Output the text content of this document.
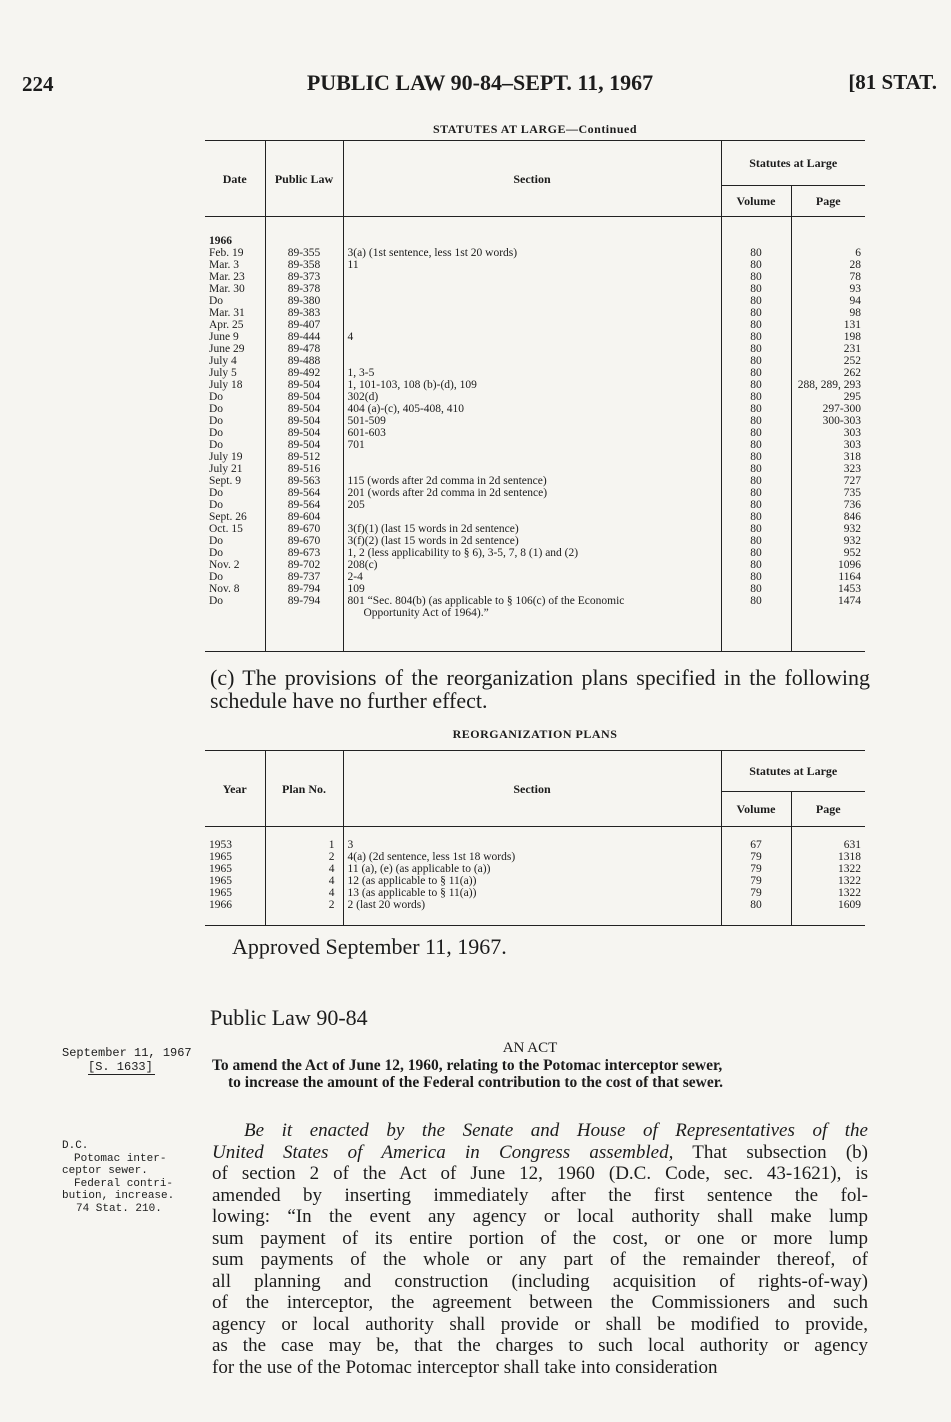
224	PUBLIC LAW 90-84–SEPT. 11, 1967	[81 STAT.
STATUTES AT LARGE—Continued
Date	Public Law	Section	Statutes at Large	
			Volume	Page
1966				
Feb. 19	89-355	3(a) (1st sentence, less 1st 20 words)	80	6
Mar. 3	89-358	11	80	28
Mar. 23	89-373		80	78
Mar. 30	89-378		80	93
Do	89-380		80	94
Mar. 31	89-383		80	98
Apr. 25	89-407		80	131
June 9	89-444	4	80	198
June 29	89-478		80	231
July 4	89-488		80	252
July 5	89-492	1, 3-5	80	262
July 18	89-504	1, 101-103, 108 (b)-(d), 109	80	288, 289, 293
Do	89-504	302(d)	80	295
Do	89-504	404 (a)-(c), 405-408, 410	80	297-300
Do	89-504	501-509	80	300-303
Do	89-504	601-603	80	303
Do	89-504	701	80	303
July 19	89-512		80	318
July 21	89-516		80	323
Sept. 9	89-563	115 (words after 2d comma in 2d sentence)	80	727
Do	89-564	201 (words after 2d comma in 2d sentence)	80	735
Do	89-564	205	80	736
Sept. 26	89-604		80	846
Oct. 15	89-670	3(f)(1) (last 15 words in 2d sentence)	80	932
Do	89-670	3(f)(2) (last 15 words in 2d sentence)	80	932
Do	89-673	1, 2 (less applicability to § 6), 3-5, 7, 8 (1) and (2)	80	952
Nov. 2	89-702	208(c)	80	1096
Do	89-737	2-4	80	1164
Nov. 8	89-794	109	80	1453
Do	89-794	801 “Sec. 804(b) (as applicable to § 106(c) of the Economic
Opportunity Act of 1964).”	80	1474

(c) The provisions of the reorganization plans specified in the following schedule have no further effect.
REORGANIZATION PLANS
Year	Plan No.	Section	Statutes at Large	
			Volume	Page

1953	1	3	67	631
1965	2	4(a) (2d sentence, less 1st 18 words)	79	1318
1965	4	11 (a), (e) (as applicable to (a))	79	1322
1965	4	12 (as applicable to § 11(a))	79	1322
1965	4	13 (as applicable to § 11(a))	79	1322
1966	2	2 (last 20 words)	80	1609

Approved September 11, 1967.
Public Law 90-84
AN ACT
September 11, 1967
[S. 1633]	To amend the Act of June 12, 1960, relating to the Potomac interceptor sewer,
to increase the amount of the Federal contribution to the cost of that sewer.
D.C.
Potomac inter-
ceptor sewer.
Federal contri-
bution, increase.
74 Stat. 210.
Be it enacted by the Senate and House of Representatives of the
United States of America in Congress assembled, That subsection (b)
of section 2 of the Act of June 12, 1960 (D.C. Code, sec. 43-1621), is
amended by inserting immediately after the first sentence the fol-
lowing: “In the event any agency or local authority shall make lump
sum payment of its entire portion of the cost, or one or more lump
sum payments of the whole or any part of the remainder thereof, of
all planning and construction (including acquisition of rights-of-way)
of the interceptor, the agreement between the Commissioners and such
agency or local authority shall provide or shall be modified to provide,
as the case may be, that the charges to such local authority or agency
for the use of the Potomac interceptor shall take into consideration
